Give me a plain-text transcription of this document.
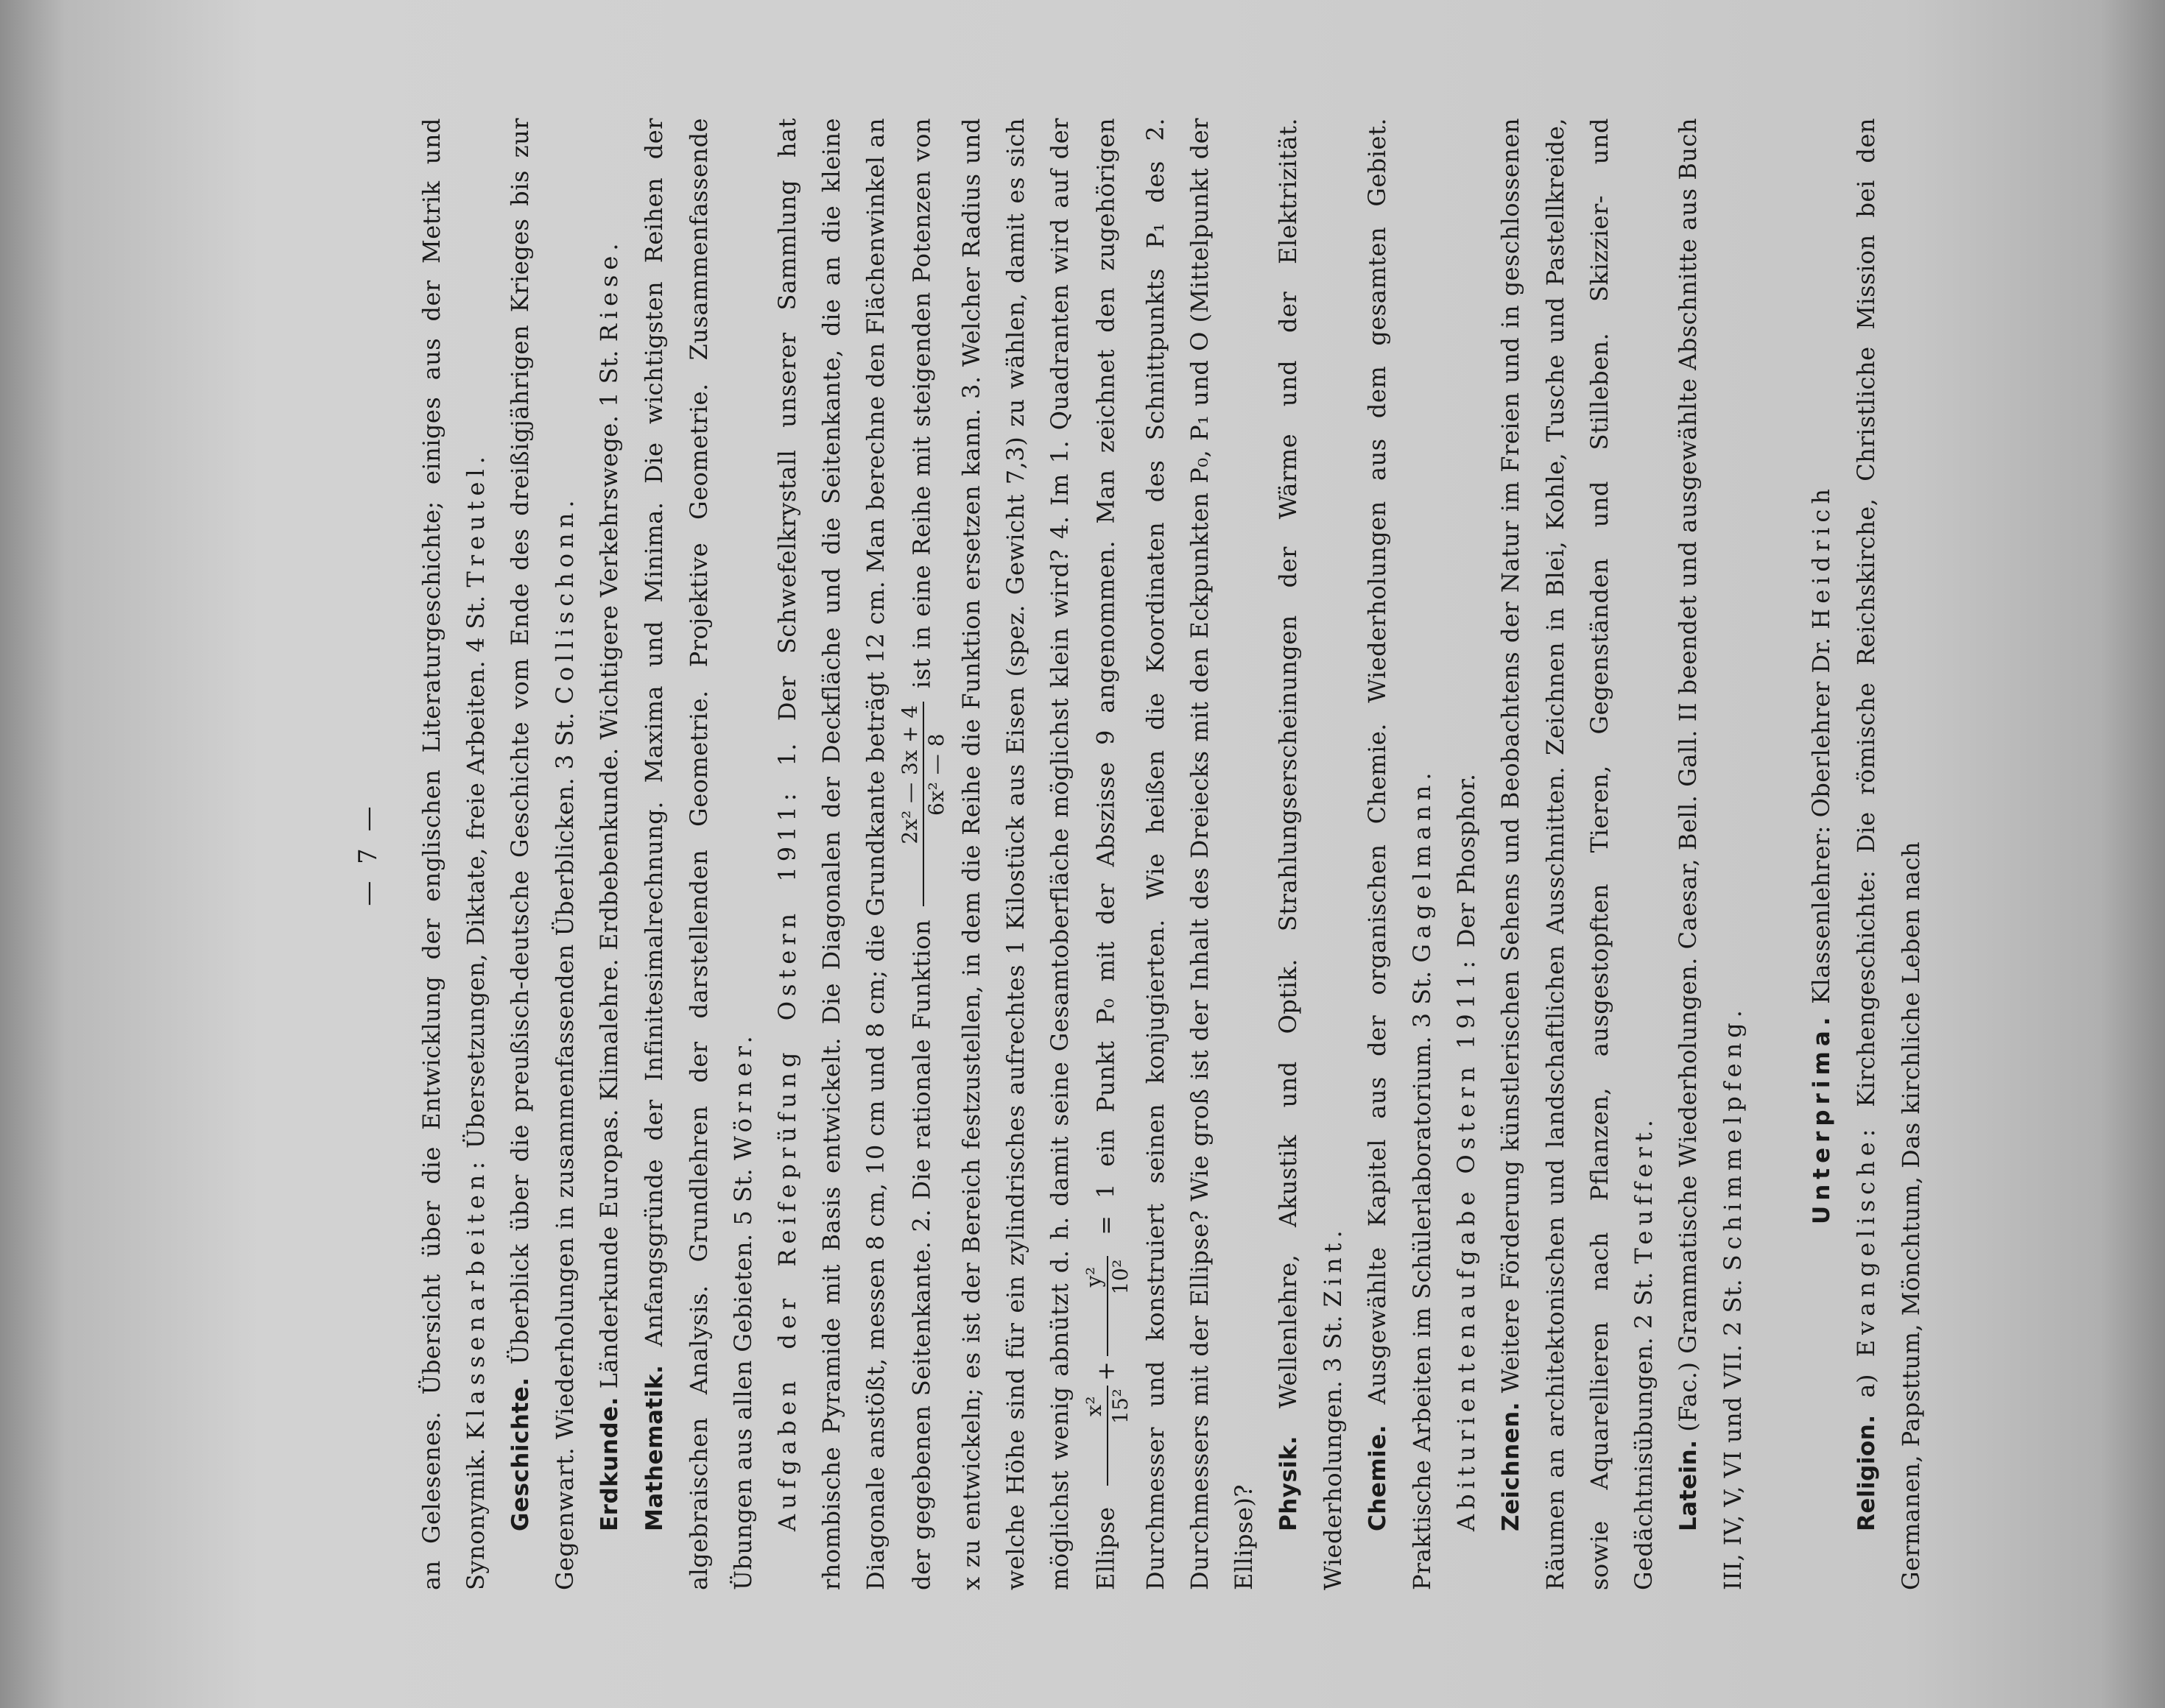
— 7 —	an Gelesenes. Übersicht über die Entwicklung der englischen Literaturgeschichte; einiges aus der Metrik und Synonymik. Klassenarbeiten: Übersetzungen, Diktate, freie Arbeiten. 4 St. Treutel.

Geschichte. Überblick über die preußisch-deutsche Geschichte vom Ende des dreißigjährigen Krieges bis zur Gegenwart. Wiederholungen in zusammenfassenden Überblicken. 3 St. Collischonn.

Erdkunde. Länderkunde Europas. Klimalehre. Erdbebenkunde. Wichtigere Verkehrswege. 1 St. Riese.

Mathematik. Anfangsgründe der Infinitesimalrechnung. Maxima und Minima. Die wichtigsten Reihen der algebraischen Analysis. Grundlehren der darstellenden Geometrie. Projektive Geometrie. Zusammenfassende Übungen aus allen Gebieten. 5 St. Wörner. Aufgaben der Reifeprüfung Ostern 1911: 1. Der Schwefelkrystall unserer Sammlung hat rhombische Pyramide mit Basis entwickelt. Die Diagonalen der Deckfläche und die Seitenkante, die an die kleine Diagonale anstößt, messen 8 cm, 10 cm und 8 cm; die Grundkante beträgt 12 cm. Man berechne den Flächenwinkel an der gegebenen Seitenkante. 2. Die rationale Funktion
2x² — 3x + 4 6x² — 8
ist in eine Reihe mit steigenden Potenzen von x zu entwickeln; es ist der Bereich festzustellen, in dem die Reihe die Funktion ersetzen kann. 3. Welcher Radius und welche Höhe sind für ein zylindrisches aufrechtes 1 Kilostück aus Eisen (spez. Gewicht 7,3) zu wählen, damit es sich möglichst wenig abnützt d. h. damit seine Gesamtoberfläche möglichst klein wird? 4. Im 1. Quadranten wird auf der Ellipse
x² 15²
+
y² 10²
= 1 ein Punkt P₀ mit der Abszisse 9 angenommen. Man zeichnet den zugehörigen Durchmesser und konstruiert seinen konjugierten. Wie heißen die Koordinaten des Schnittpunkts P₁ des 2. Durchmessers mit der Ellipse? Wie groß ist der Inhalt des Dreiecks mit den Eckpunkten P₀, P₁ und O (Mittelpunkt der Ellipse)?

Physik. Wellenlehre, Akustik und Optik. Strahlungserscheinungen der Wärme und der Elektrizität. Wiederholungen. 3 St. Zint.

Chemie. Ausgewählte Kapitel aus der organischen Chemie. Wiederholungen aus dem gesamten Gebiet. Praktische Arbeiten im Schülerlaboratorium. 3 St. Gagelmann.

Abiturientenaufgabe Ostern 1911: Der Phosphor.

Zeichnen. Weitere Förderung künstlerischen Sehens und Beobachtens der Natur im Freien und in geschlossenen Räumen an architektonischen und landschaftlichen Ausschnitten. Zeichnen in Blei, Kohle, Tusche und Pastellkreide, sowie Aquarellieren nach Pflanzen, ausgestopften Tieren, Gegenständen und Stilleben. Skizzier- und Gedächtnisübungen. 2 St. Teuffert.

Latein. (Fac.) Grammatische Wiederholungen. Caesar, Bell. Gall. II beendet und ausgewählte Abschnitte aus Buch III, IV, V, VI und VII. 2 St. Schimmelpfeng.	Unterprima. Klassenlehrer: Oberlehrer Dr. Heidrich

Religion. a) Evangelische: Kirchengeschichte: Die römische Reichskirche, Christliche Mission bei den Germanen, Papsttum, Mönchtum, Das kirchliche Leben nach
